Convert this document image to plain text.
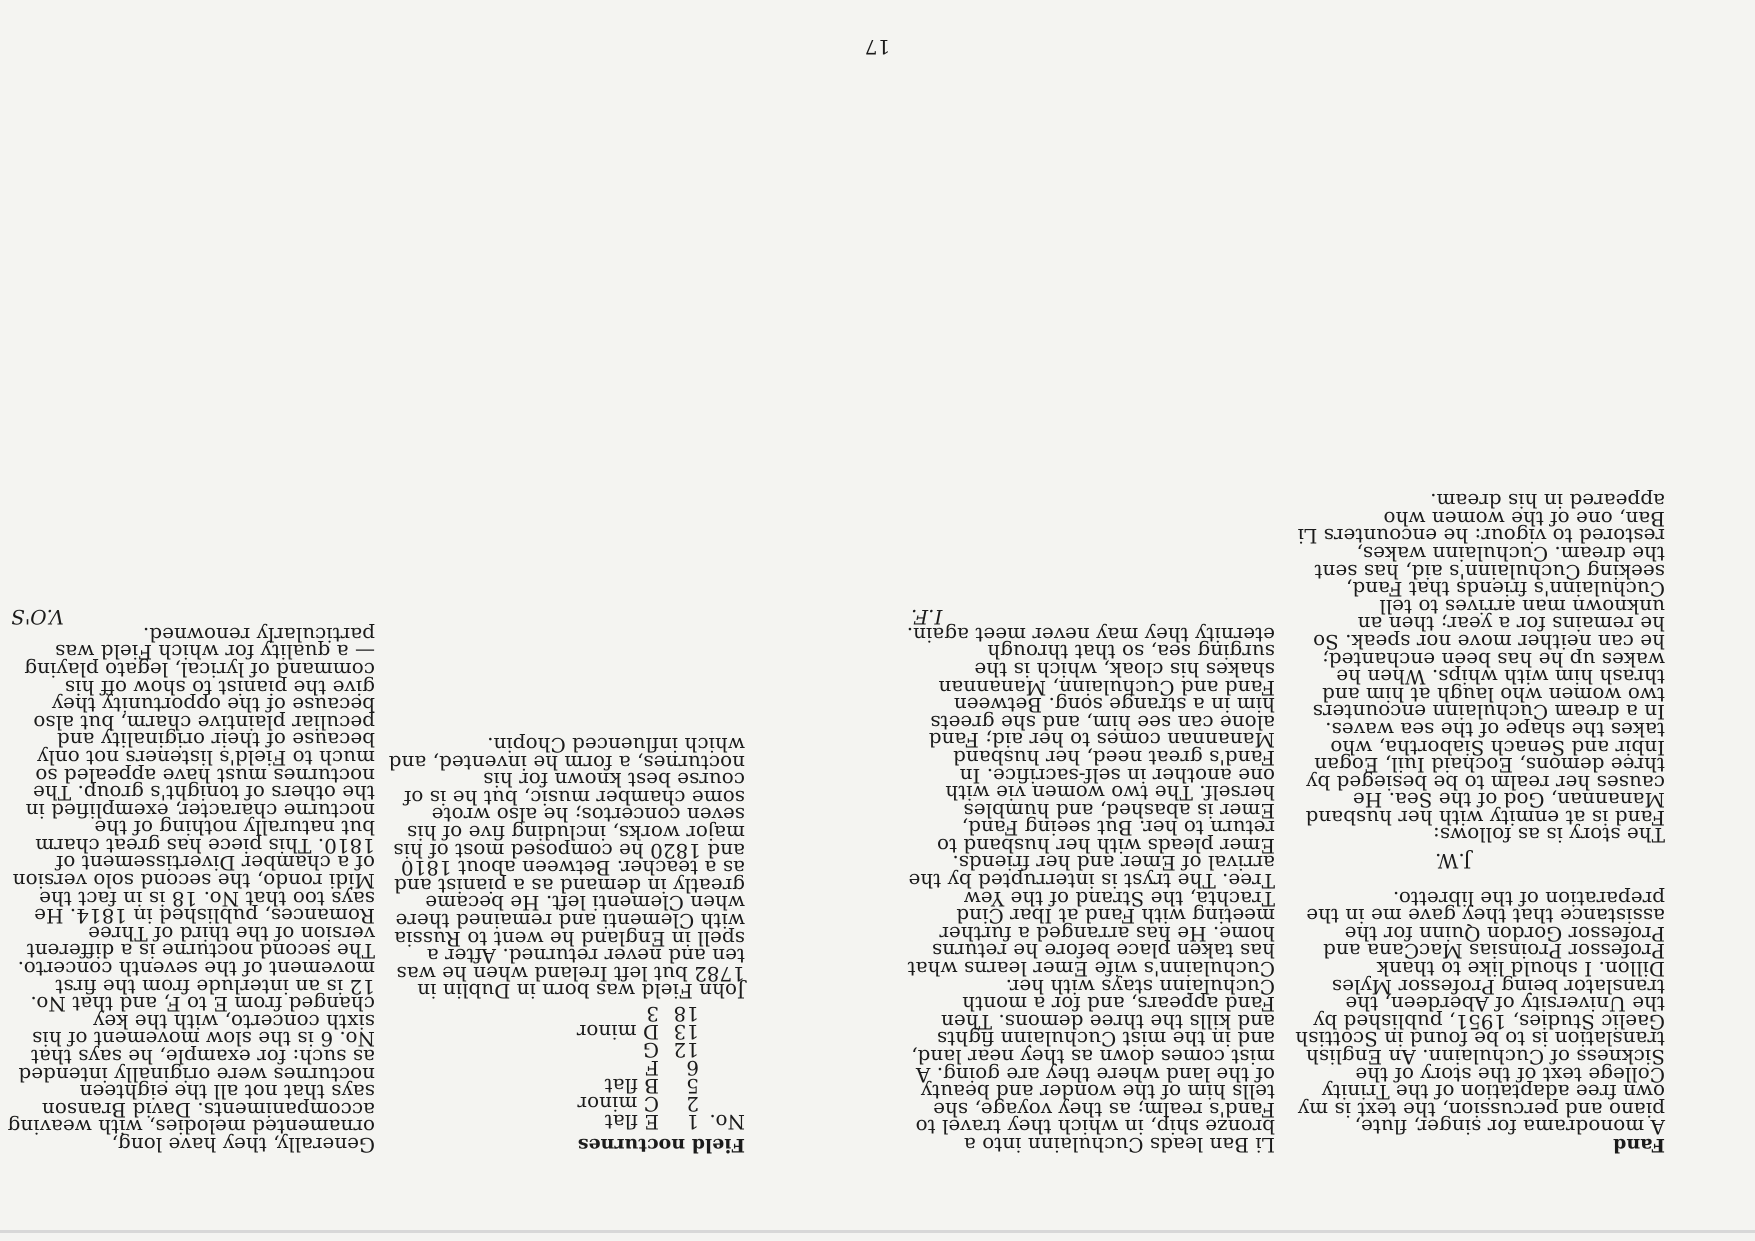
Fand

A monodrama for singer, flute, piano and percussion, the text is my own free adaptation of the Trinity College text of the story of the Sickness of Cuchulainn. An English translation is to be found in Scottish Gaelic Studies, 1951, published by the University of Aberdeen, the translator being Professor Myles Dillon. I should like to thank Professor Proinsias MacCana and Professor Gordon Quinn for the assistance that they gave me in the preparation of the libretto.

J.W.

The story is as follows:

Fand is at enmity with her husband Manannan, God of the Sea. He causes her realm to be besieged by three demons, Eochaid Iuil, Eogan Inbir and Senach Siabortha, who takes the shape of the sea waves.

In a dream Cuchulainn encounters two women who laugh at him and thrash him with whips. When he wakes up he has been enchanted; he can neither move nor speak. So he remains for a year; then an unknown man arrives to tell Cuchulainn's friends that Fand, seeking Cuchulainn's aid, has sent the dream. Cuchulainn wakes, restored to vigour: he encounters Li Ban, one of the women who appeared in his dream.

Li Ban leads Cuchulainn into a bronze ship, in which they travel to Fand's realm; as they voyage, she tells him of the wonder and beauty of the land where they are going. A mist comes down as they near land, and in the mist Cuchulainn fights and kills the three demons. Then Fand appears, and for a month Cuchulainn stays with her.

Cuchulainn's wife Emer learns what has taken place before he returns home. He has arranged a further meeting with Fand at Ibar Cind Trachta, the Strand of the Yew Tree. The tryst is interrupted by the arrival of Emer and her friends.

Emer pleads with her husband to return to her. But seeing Fand, Emer is abashed, and humbles herself. The two women vie with one another in self-sacrifice. In Fand's great need, her husband Manannan comes to her aid; Fand alone can see him, and she greets him in a strange song. Between Fand and Cuchulainn, Manannan shakes his cloak, which is the surging sea, so that through eternity they may never meet again.

I.F.

Field nocturnes

No.
1
E flat
2
C minor
5
B flat
6
F
12
G
13
D minor
18
3

John Field was born in Dublin in 1782 but left Ireland when he was ten and never returned. After a spell in England he went to Russia with Clementi and remained there when Clementi left. He became greatly in demand as a pianist and as a teacher. Between about 1810 and 1820 he composed most of his major works, including five of his seven concertos; he also wrote some chamber music, but he is of course best known for his nocturnes, a form he invented, and which influenced Chopin.

Generally, they have long, ornamented melodies, with weaving accompaniments. David Branson says that not all the eighteen nocturnes were originally intended as such: for example, he says that No. 6 is the slow movement of his sixth concerto, with the key changed from E to F, and that No. 12 is an interlude from the first movement of the seventh concerto.

The second nocturne is a different version of the third of Three Romances, published in 1814. He says too that No. 18 is in fact the Midi rondo, the second solo version of a chamber Divertissement of 1810. This piece has great charm but naturally nothing of the nocturne character, exemplified in the others of tonight's group. The nocturnes must have appealed so much to Field's listeners not only because of their originality and peculiar plaintive charm, but also because of the opportunity they give the pianist to show off his command of lyrical, legato playing — a quality for which Field was particularly renowned.

V.O'S

17
